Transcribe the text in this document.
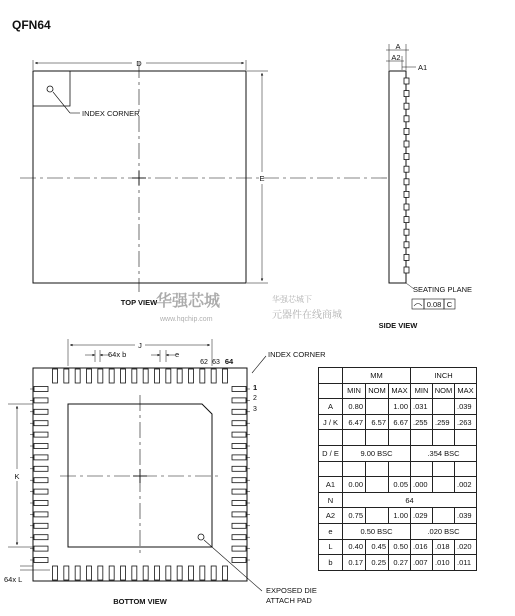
QFN64
INDEX CORNER
D
E
TOP VIEW
A
A2
A1
SEATING PLANE
0.08 C
SIDE VIEW
华强芯城
www.hqchip.com
华强芯城下
元器件在线商城
EXPOSED DIE
ATTACH PAD
J
64x b	e
62 63 64
1
2
3
INDEX CORNER
K
64x L
BOTTOM VIEW
	MM			INCH		
	MIN	NOM	MAX	MIN	NOM	MAX
A	0.80		1.00	.031		.039
J / K	6.47	6.57	6.67	.255	.259	.263

D / E	9.00 BSC			.354 BSC		

A1	0.00		0.05	.000		.002
N	64					
A2	0.75		1.00	.029		.039
e	0.50 BSC			.020 BSC		
L	0.40	0.45	0.50	.016	.018	.020
b	0.17	0.25	0.27	.007	.010	.011
